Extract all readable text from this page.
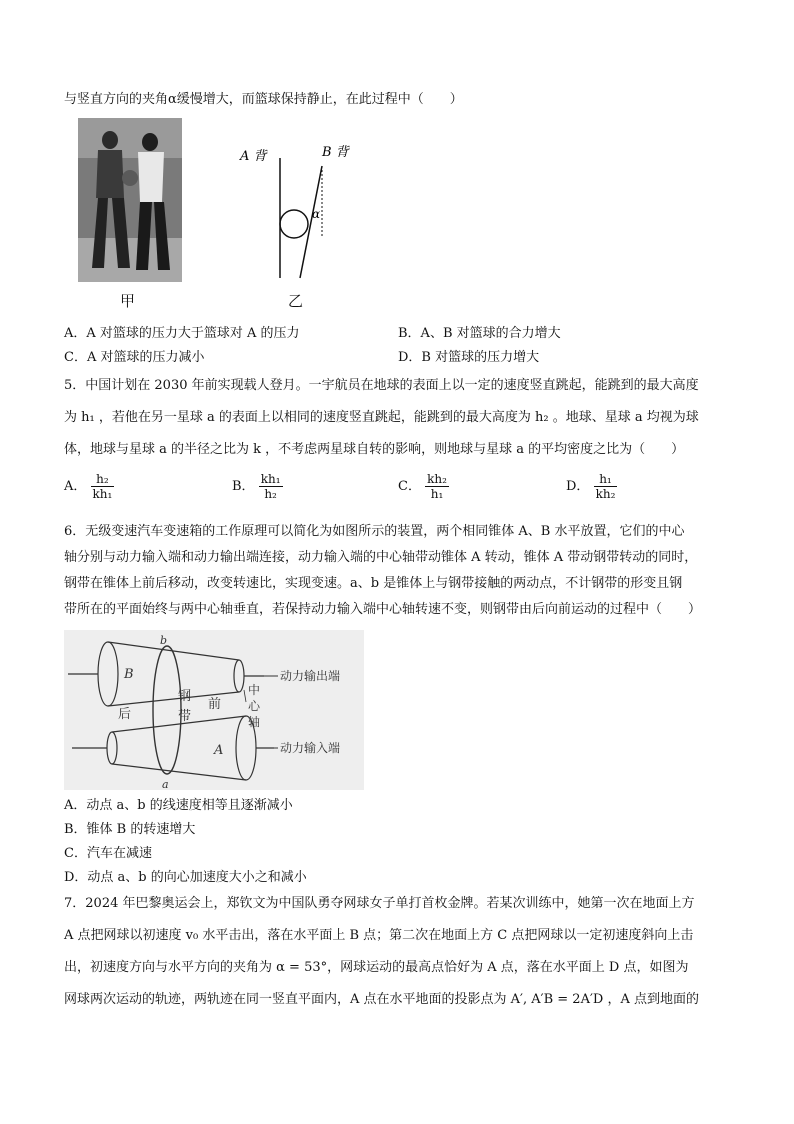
与竖直方向的夹角α缓慢增大，而篮球保持静止，在此过程中（　　）
甲
A 背	B 背
α
乙
A．A 对篮球的压力大于篮球对 A 的压力	B．A、B 对篮球的合力增大
C．A 对篮球的压力减小	D．B 对篮球的压力增大
5．中国计划在 2030 年前实现载人登月。一宇航员在地球的表面上以一定的速度竖直跳起，能跳到的最大高度
为 h₁ ，若他在另一星球 a 的表面上以相同的速度竖直跳起，能跳到的最大高度为 h₂ 。地球、星球 a 均视为球
体，地球与星球 a 的半径之比为 k ，不考虑两星球自转的影响，则地球与星球 a 的平均密度之比为（　　）
A． $\frac{\text{h₂}}{\text{kh₁}}$	B． $\frac{\text{kh₁}}{\text{h₂}}$	C． $\frac{\text{kh₂}}{\text{h₁}}$	D． $\frac{\text{h₁}}{\text{kh₂}}$
6．无级变速汽车变速箱的工作原理可以简化为如图所示的装置，两个相同锥体 A、B 水平放置，它们的中心
轴分别与动力输入端和动力输出端连接，动力输入端的中心轴带动锥体 A 转动，锥体 A 带动钢带转动的同时，
钢带在锥体上前后移动，改变转速比，实现变速。a、b 是锥体上与钢带接触的两动点，不计钢带的形变且钢
带所在的平面始终与两中心轴垂直，若保持动力输入端中心轴转速不变，则钢带由后向前运动的过程中（　　）
b
B
后
钢
带
前
中
心
轴
A
a
动力输出端
动力输入端
A．动点 a、b 的线速度相等且逐渐减小
B．锥体 B 的转速增大
C．汽车在减速
D．动点 a、b 的向心加速度大小之和减小
7．2024 年巴黎奥运会上，郑钦文为中国队勇夺网球女子单打首枚金牌。若某次训练中，她第一次在地面上方
A 点把网球以初速度 v₀ 水平击出，落在水平面上 B 点；第二次在地面上方 C 点把网球以一定初速度斜向上击
出，初速度方向与水平方向的夹角为 α = 53°，网球运动的最高点恰好为 A 点，落在水平面上 D 点，如图为
网球两次运动的轨迹，两轨迹在同一竖直平面内，A 点在水平地面的投影点为 A′, A′B = 2A′D ，A 点到地面的
